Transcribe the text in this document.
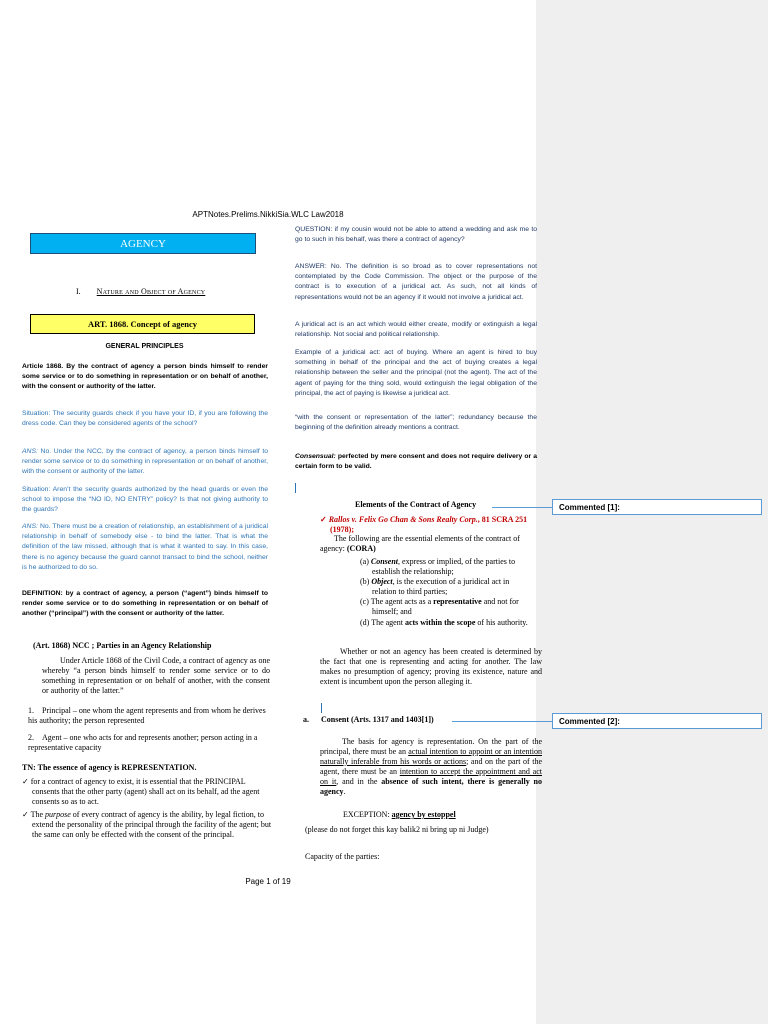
Commented [1]:
Commented [2]:
APTNotes.Prelims.NikkiSia.WLC Law2018
Page 1 of 19
AGENCY
I. Nature and Object of Agency
ART. 1868. Concept of agency
GENERAL PRINCIPLES
Article 1868. By the contract of agency a person binds himself to render some service or to do something in representation or on behalf of another, with the consent or authority of the latter.
Situation: The security guards check if you have your ID, if you are following the dress code. Can they be considered agents of the school?
ANS: No. Under the NCC, by the contract of agency, a person binds himself to render some service or to do something in representation or on behalf of another, with the consent or authority of the latter.
Situation: Aren’t the security guards authorized by the head guards or even the school to impose the “NO ID, NO ENTRY” policy? Is that not giving authority to the guards?
ANS: No. There must be a creation of relationship, an establishment of a juridical relationship in behalf of somebody else - to bind the latter. That is what the definition of the law missed, although that is what it wanted to say. In this case, there is no agency because the guard cannot transact to bind the school, neither is he authorized to do so.
DEFINITION: by a contract of agency, a person (“agent”) binds himself to render some service or to do something in representation or on behalf of another (“principal”) with the consent or authority of the latter.
(Art. 1868) NCC ; Parties in an Agency Relationship
Under Article 1868 of the Civil Code, a contract of agency as one whereby “a person binds himself to render some service or to do something in representation or on behalf of another, with the consent or authority of the latter.”
1. Principal – one whom the agent represents and from whom he derives his authority; the person represented
2. Agent – one who acts for and represents another; person acting in a representative capacity
TN: The essence of agency is REPRESENTATION.
✓ for a contract of agency to exist, it is essential that the PRINCIPAL consents that the other party (agent) shall act on its behalf, ad the agent consents so as to act.
✓ The purpose of every contract of agency is the ability, by legal fiction, to extend the personality of the principal through the facility of the agent; but the same can only be effected with the consent of the principal.
QUESTION: if my cousin would not be able to attend a wedding and ask me to go to such in his behalf, was there a contract of agency?
ANSWER: No. The definition is so broad as to cover representations not contemplated by the Code Commission. The object or the purpose of the contract is to execution of a juridical act. As such, not all kinds of representations would not be an agency if it would not involve a juridical act.
A juridical act is an act which would either create, modify or extinguish a legal relationship. Not social and political relationship.
Example of a juridical act: act of buying. Where an agent is hired to buy something in behalf of the principal and the act of buying creates a legal relationship between the seller and the principal (not the agent). The act of the agent of paying for the thing sold, would extinguish the legal obligation of the principal, the act of paying is likewise a juridical act.
“with the consent or representation of the latter”; redundancy because the beginning of the definition already mentions a contract.
Consensual: perfected by mere consent and does not require delivery or a certain form to be valid.
Elements of the Contract of Agency
✓ Rallos v. Felix Go Chan & Sons Realty Corp., 81 SCRA 251 (1978);
The following are the essential elements of the contract of agency: (CORA)
(a) Consent, express or implied, of the parties to establish the relationship;
(b) Object, is the execution of a juridical act in relation to third parties;
(c) The agent acts as a representative and not for himself; and
(d) The agent acts within the scope of his authority.
Whether or not an agency has been created is determined by the fact that one is representing and acting for another. The law makes no presumption of agency; proving its existence, nature and extent is incumbent upon the person alleging it.
a. Consent (Arts. 1317 and 1403[1])
The basis for agency is representation. On the part of the principal, there must be an actual intention to appoint or an intention naturally inferable from his words or actions; and on the part of the agent, there must be an intention to accept the appointment and act on it, and in the absence of such intent, there is generally no agency.
EXCEPTION: agency by estoppel
(please do not forget this kay balik2 ni bring up ni Judge)
Capacity of the parties:
